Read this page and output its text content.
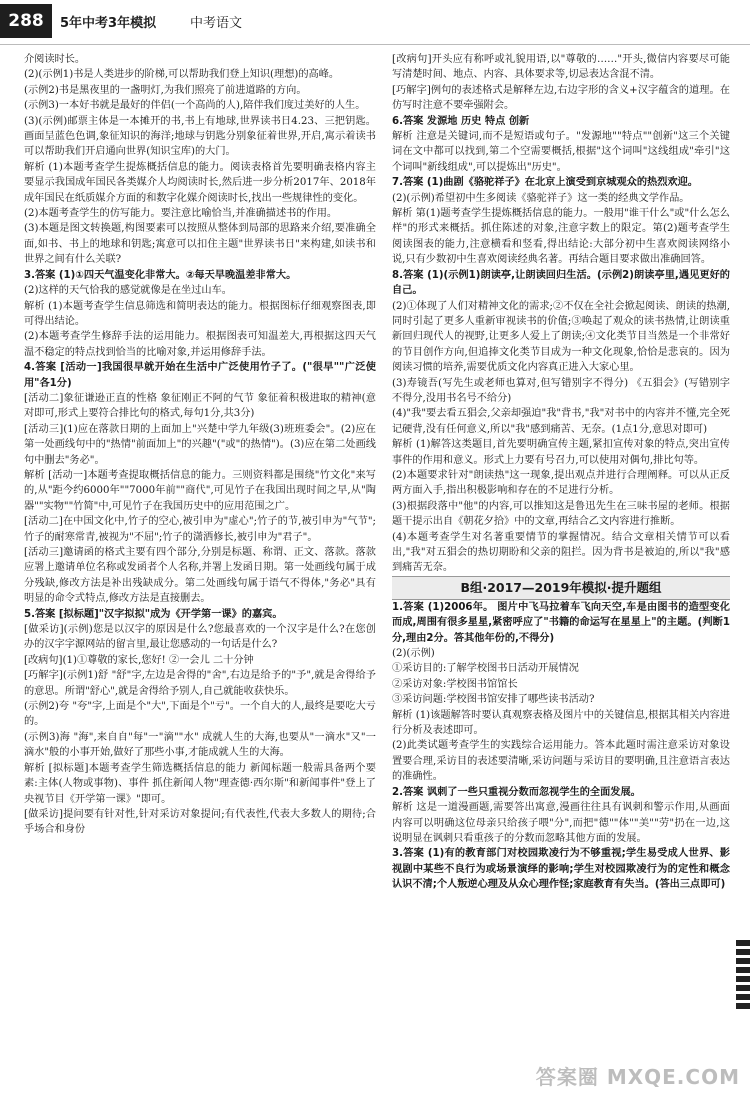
288	5年中考3年模拟	中考语文

介阅读时长。

(2)(示例1)书是人类进步的阶梯,可以帮助我们登上知识(理想)的高峰。

(示例2)书是黑夜里的一盏明灯,为我们照亮了前进道路的方向。

(示例3)一本好书就是最好的伴侣(一个高尚的人),陪伴我们度过美好的人生。

(3)(示例)邮票主体是一本摊开的书,书上有地球,世界读书日4.23、三把钥匙。画面呈蓝色色调,象征知识的海洋;地球与钥匙分别象征着世界,开启,寓示着读书可以帮助我们开启通向世界(知识宝库)的大门。

解析 (1)本题考查学生提炼概括信息的能力。阅读表格首先要明确表格内容主要显示我国成年国民各类媒介人均阅读时长,然后进一步分析2017年、2018年成年国民在纸质媒介方面的和数字化媒介阅读时长,找出一些规律性的变化。

(2)本题考查学生的仿写能力。要注意比喻恰当,并准确描述书的作用。

(3)本题是图文转换题,构图要素可以按照从整体到局部的思路来介绍,要准确全面,如书、书上的地球和钥匙;寓意可以扣住主题"世界读书日"来构建,如读书和世界之间有什么关联?

3.答案 (1)①四天气温变化非常大。②每天早晚温差非常大。

(2)这样的天气恰我的感觉就像是在坐过山车。

解析 (1)本题考查学生信息筛选和简明表达的能力。根据图标仔细观察图表,即可得出结论。

(2)本题考查学生修辞手法的运用能力。根据图表可知温差大,再根据这四天气温不稳定的特点找到恰当的比喻对象,并运用修辞手法。

4.答案 [活动一]我国很早就开始在生活中广泛使用竹子了。("很早""广泛使用"各1分)

[活动二]象征谦逊正直的性格 象征刚正不阿的气节 象征着积极进取的精神(意对即可,形式上要符合排比句的格式,每句1分,共3分)

[活动三](1)应在落款日期的上面加上"兴楚中学九年级(3)班班委会"。(2)应在第一处画线句中的"热情"前面加上"的兴趣"("或"的热情")。(3)应在第二处画线句中删去"务必"。

解析 [活动一]本题考查提取概括信息的能力。三则资料都是围绕"竹文化"来写的,从"距今约6000年""7000年前""商代",可见竹子在我国出现时间之早,从"陶器""实物""竹简"中,可见竹子在我国历史中的应用范围之广。

[活动二]在中国文化中,竹子的空心,被引申为"虚心";竹子的节,被引申为"气节";竹子的耐寒常青,被视为"不屈";竹子的潇洒修长,被引申为"君子"。

[活动三]邀请函的格式主要有四个部分,分别是标题、称谓、正文、落款。落款应署上邀请单位名称或发函者个人名称,并署上发函日期。第一处画线句属于成分残缺,修改方法是补出残缺成分。第二处画线句属于语气不得体,"务必"具有明显的命令式特点,修改方法是直接删去。

5.答案 [拟标题]"汉字拟拟"成为《开学第一课》的嘉宾。

[做采访](示例)您是以汉字的原因是什么?您最喜欢的一个汉字是什么?在您创办的汉字字源网站的留言里,最让您感动的一句话是什么?

[改病句](1)①尊敬的家长,您好! ②一会儿 二十分钟

[巧解字](示例1)舒 "舒"字,左边是舍得的"舍",右边是给予的"予",就是舍得给予的意思。所谓"舒心",就是舍得给予别人,自己就能收获快乐。

(示例2)夸 "夸"字,上面是个"大",下面是个"亏"。一个自大的人,最终是要吃大亏的。

(示例3)海 "海",来自自"每"一"滴""水" 成就人生的大海,也要从"一滴水"又"一滴水"般的小事开始,做好了那些小事,才能成就人生的大海。

解析 [拟标题]本题考查学生筛选概括信息的能力 新闻标题一般需具备两个要素:主体(人物或事物)、事件 抓住新闻人物"理查德·西尔斯"和新闻事件"登上了央视节目《开学第一课》"即可。

[做采访]提问要有针对性,针对采访对象提问;有代表性,代表大多数人的期待;合乎场合和身份

[改病句]开头应有称呼或礼貌用语,以"尊敬的……"开头,微信内容要尽可能写清楚时间、地点、内容、具体要求等,切忌表达含混不清。

[巧解字]例句的表述格式是解释左边,右边字形的含义+汉字蕴含的道理。在仿写时注意不要牵强附会。

6.答案 发源地 历史 特点 创新

解析 注意是关键词,而不是短语或句子。"发源地""特点""创新"这三个关键词在文中都可以找到,第二个空需要概括,根据"这个词叫"这线组成"牵引"这个词叫"新线组成",可以提炼出"历史"。

7.答案 (1)曲剧《骆驼祥子》在北京上演受到京城观众的热烈欢迎。

(2)(示例)希望初中生多阅读《骆驼祥子》这一类的经典文学作品。

解析 第(1)题考查学生提炼概括信息的能力。一般用"谁干什么"或"什么怎么样"的形式来概括。抓住陈述的对象,注意字数上的限定。第(2)题考查学生阅读图表的能力,注意横看和竖看,得出结论:大部分初中生喜欢阅读网络小说,只有少数初中生喜欢阅读经典名著。再结合题目要求做出准确回答。

8.答案 (1)(示例1)朗读亭,让朗读回归生活。(示例2)朗读亭里,遇见更好的自己。

(2)①体现了人们对精神文化的需求;②不仅在全社会掀起阅读、朗读的热潮,同时引起了更多人重新审视读书的价值;③唤起了观众的读书热情,让朗读重新回归现代人的视野,让更多人爱上了朗读;④文化类节目当然是一个非常好的节目创作方向,但追捧文化类节目成为一种文化现象,恰恰是悲哀的。因为阅读习惯的培养,需要优质文化内容真正进入大家心里。

(3)寿镜吾(写先生或老师也算对,但写错别字不得分) 《五猖会》(写错别字不得分,没用书名号不给分)

(4)"我"要去看五猖会,父亲却强迫"我"背书,"我"对书中的内容并不懂,完全死记硬背,没有任何意义,所以"我"感到痛苦、无奈。(1点1分,意思对即可)

解析 (1)解答这类题目,首先要明确宣传主题,紧扣宣传对象的特点,突出宣传事件的作用和意义。形式上力要有号召力,可以使用对偶句,排比句等。

(2)本题要求针对"朗读热"这一现象,提出观点并进行合理阐释。可以从正反两方面入手,指出积极影响和存在的不足进行分析。

(3)根据段落中"他"的内容,可以推知这是鲁迅先生在三味书屋的老师。根据题干提示出自《朝花夕拾》中的文章,再结合乙文内容进行推断。

(4)本题考查学生对名著重要情节的掌握情况。结合文章相关情节可以看出,"我"对五猖会的热切期盼和父亲的阻拦。因为背书是被迫的,所以"我"感到痛苦无奈。

B组·2017—2019年模拟·提升题组

1.答案 (1)2006年。 图片中飞马拉着车飞向天空,车是由图书的造型变化而成,周围有很多星星,紧密呼应了"书籍的命运写在星星上"的主题。(判断1分,理由2分。答其他年份的,不得分)

(2)(示例)

①采访目的:了解学校图书日活动开展情况

②采访对象:学校图书馆馆长

③采访问题:学校图书馆安排了哪些读书活动?

解析 (1)该题解答时要认真观察表格及图片中的关键信息,根据其相关内容进行分析及表述即可。

(2)此类试题考查学生的实践综合运用能力。答本此题时需注意采访对象设置要合理,采访目的表述要清晰,采访问题与采访目的要明确,且注意语言表达的准确性。

2.答案 讽刺了一些只重视分数而忽视学生的全面发展。

解析 这是一道漫画题,需要答出寓意,漫画往往具有讽刺和警示作用,从画面内容可以明确这位母亲只给孩子喂"分",而把"德""体""美""劳"扔在一边,这说明显在讽刺只看重孩子的分数而忽略其他方面的发展。

3.答案 (1)有的教育部门对校园欺凌行为不够重视;学生易受成人世界、影视剧中某些不良行为或场景演绎的影响;学生对校园欺凌行为的定性和概念认识不清;个人叛逆心理及从众心理作怪;家庭教育有失当。(答出三点即可)

答案圈 MXQE.COM
